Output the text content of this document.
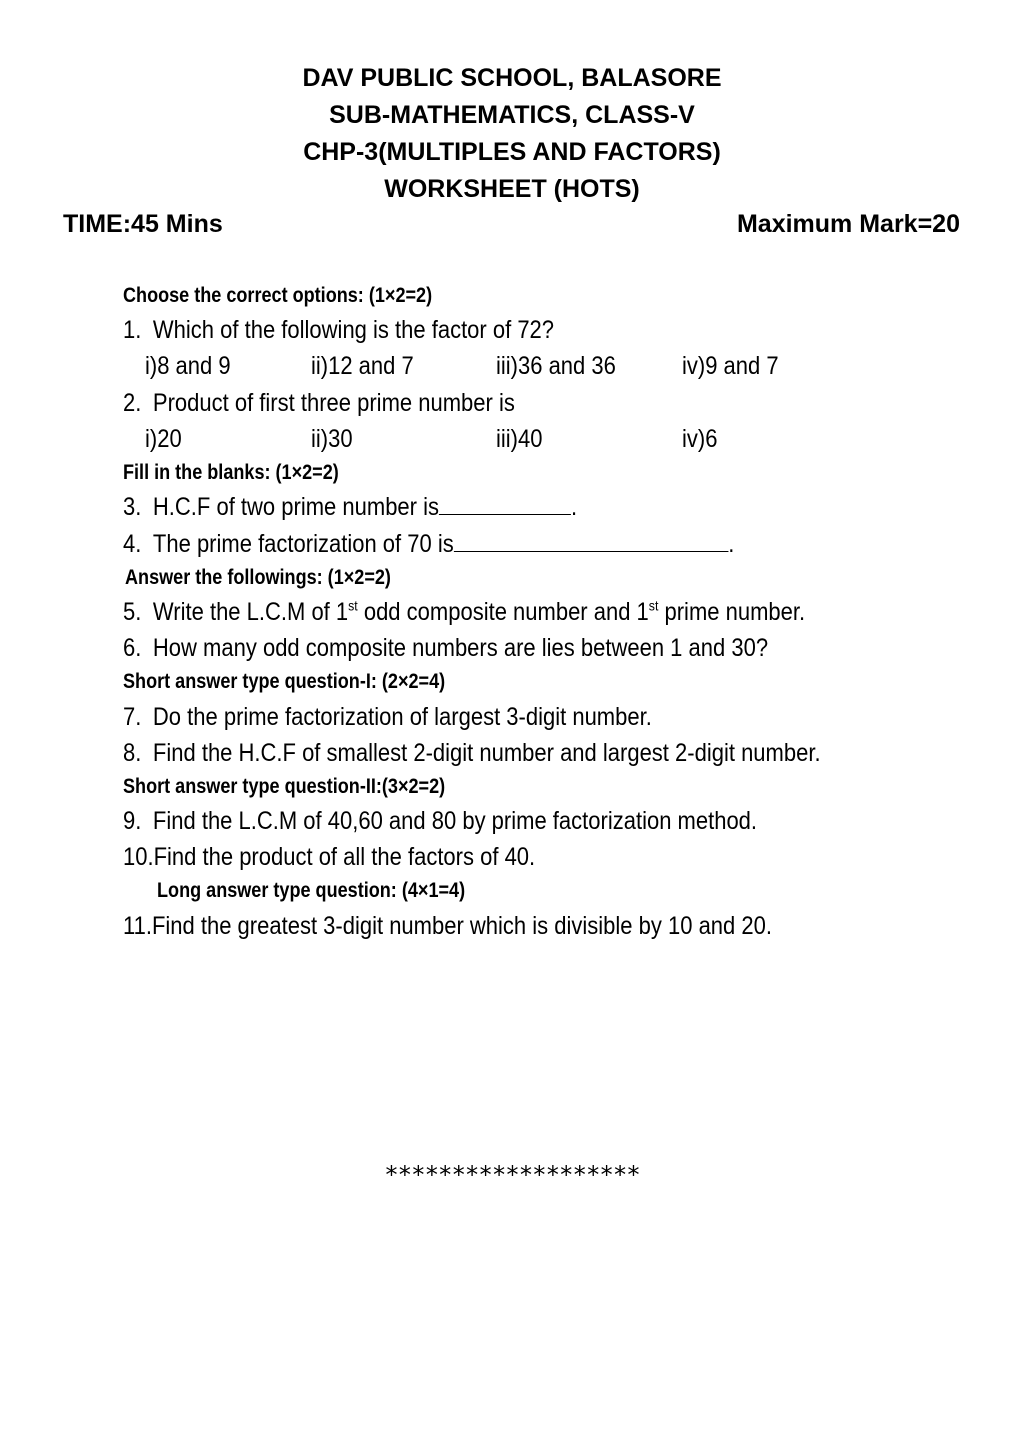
DAV PUBLIC SCHOOL, BALASORE
SUB-MATHEMATICS, CLASS-V
CHP-3(MULTIPLES AND FACTORS)
WORKSHEET (HOTS)
TIME:45 Mins	Maximum Mark=20
Choose the correct options: (1×2=2)
1. Which of the following is the factor of 72?
i)8 and 9	ii)12 and 7	iii)36 and 36	iv)9 and 7
2. Product of first three prime number is
i)20	ii)30	iii)40	iv)6
Fill in the blanks: (1×2=2)
3. H.C.F of two prime number is	.
4. The prime factorization of 70 is	.
Answer the followings: (1×2=2)
5. Write the L.C.M of 1st odd composite number and 1st prime number.
6. How many odd composite numbers are lies between 1 and 30?
Short answer type question-I: (2×2=4)
7. Do the prime factorization of largest 3-digit number.
8. Find the H.C.F of smallest 2-digit number and largest 2-digit number.
Short answer type question-II:(3×2=2)
9. Find the L.C.M of 40,60 and 80 by prime factorization method.
10.Find the product of all the factors of 40.
Long answer type question: (4×1=4)
11.Find the greatest 3-digit number which is divisible by 10 and 20.
*******************
